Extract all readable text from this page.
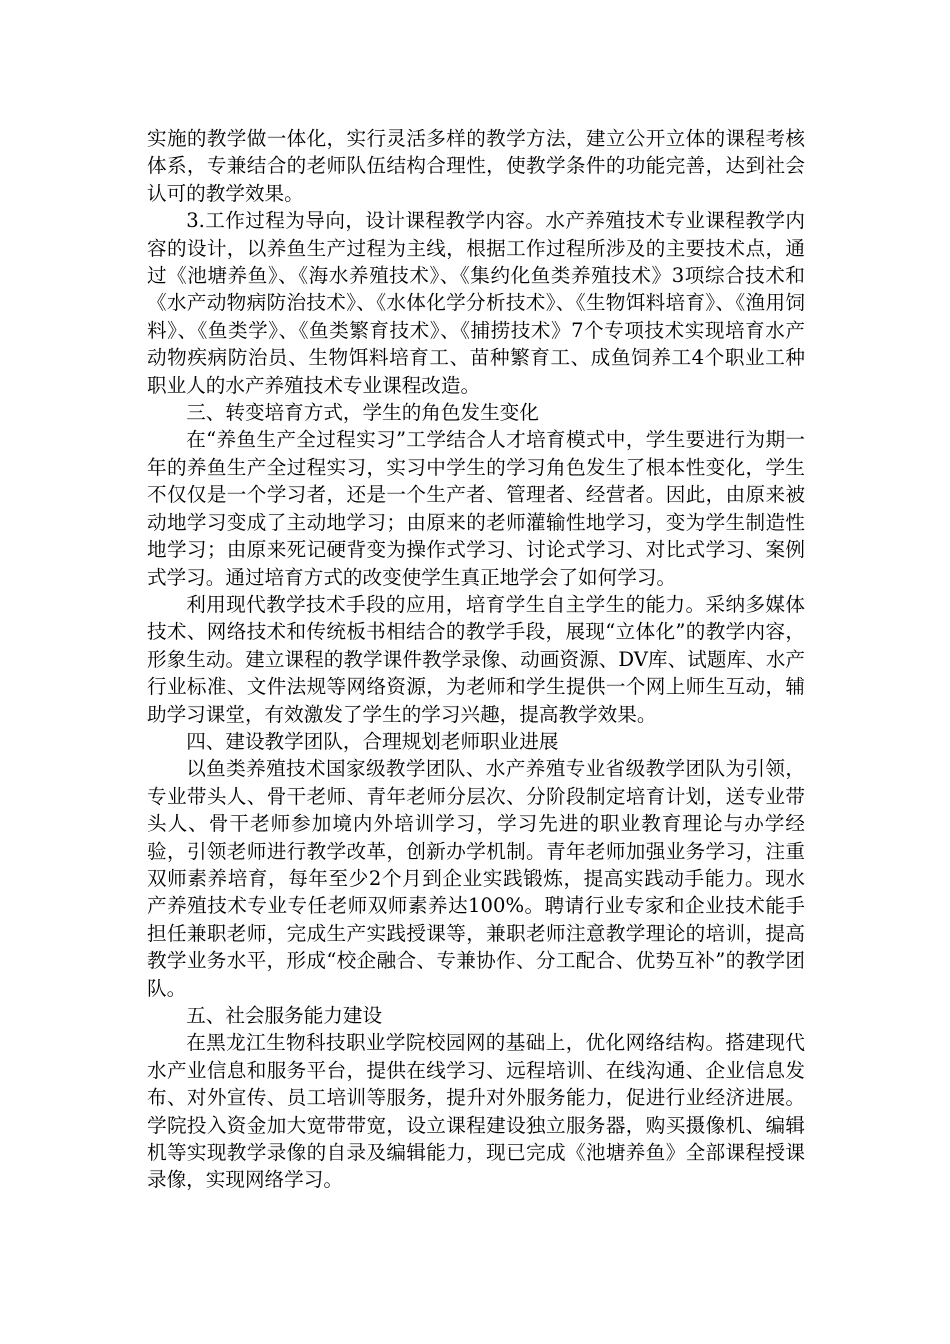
实施的教学做一体化，实行灵活多样的教学方法，建立公开立体的课程考核体系，专兼结合的老师队伍结构合理性，使教学条件的功能完善，达到社会认可的教学效果。

3.工作过程为导向，设计课程教学内容。水产养殖技术专业课程教学内容的设计，以养鱼生产过程为主线，根据工作过程所涉及的主要技术点，通过《池塘养鱼》、《海水养殖技术》、《集约化鱼类养殖技术》3项综合技术和《水产动物病防治技术》、《水体化学分析技术》、《生物饵料培育》、《渔用饲料》、《鱼类学》、《鱼类繁育技术》、《捕捞技术》7个专项技术实现培育水产动物疾病防治员、生物饵料培育工、苗种繁育工、成鱼饲养工4个职业工种职业人的水产养殖技术专业课程改造。

三、转变培育方式，学生的角色发生变化

在“养鱼生产全过程实习”工学结合人才培育模式中，学生要进行为期一年的养鱼生产全过程实习，实习中学生的学习角色发生了根本性变化，学生不仅仅是一个学习者，还是一个生产者、管理者、经营者。因此，由原来被动地学习变成了主动地学习；由原来的老师灌输性地学习，变为学生制造性地学习；由原来死记硬背变为操作式学习、讨论式学习、对比式学习、案例式学习。通过培育方式的改变使学生真正地学会了如何学习。

利用现代教学技术手段的应用，培育学生自主学生的能力。采纳多媒体技术、网络技术和传统板书相结合的教学手段，展现“立体化”的教学内容，形象生动。建立课程的教学课件教学录像、动画资源、DV库、试题库、水产行业标准、文件法规等网络资源，为老师和学生提供一个网上师生互动，辅助学习课堂，有效激发了学生的学习兴趣，提高教学效果。

四、建设教学团队，合理规划老师职业进展

以鱼类养殖技术国家级教学团队、水产养殖专业省级教学团队为引领，专业带头人、骨干老师、青年老师分层次、分阶段制定培育计划，送专业带头人、骨干老师参加境内外培训学习，学习先进的职业教育理论与办学经验，引领老师进行教学改革，创新办学机制。青年老师加强业务学习，注重双师素养培育，每年至少2个月到企业实践锻炼，提高实践动手能力。现水产养殖技术专业专任老师双师素养达100%。聘请行业专家和企业技术能手担任兼职老师，完成生产实践授课等，兼职老师注意教学理论的培训，提高教学业务水平，形成“校企融合、专兼协作、分工配合、优势互补”的教学团队。

五、社会服务能力建设

在黑龙江生物科技职业学院校园网的基础上，优化网络结构。搭建现代水产业信息和服务平台，提供在线学习、远程培训、在线沟通、企业信息发布、对外宣传、员工培训等服务，提升对外服务能力，促进行业经济进展。学院投入资金加大宽带带宽，设立课程建设独立服务器，购买摄像机、编辑机等实现教学录像的自录及编辑能力，现已完成《池塘养鱼》全部课程授课录像，实现网络学习。
